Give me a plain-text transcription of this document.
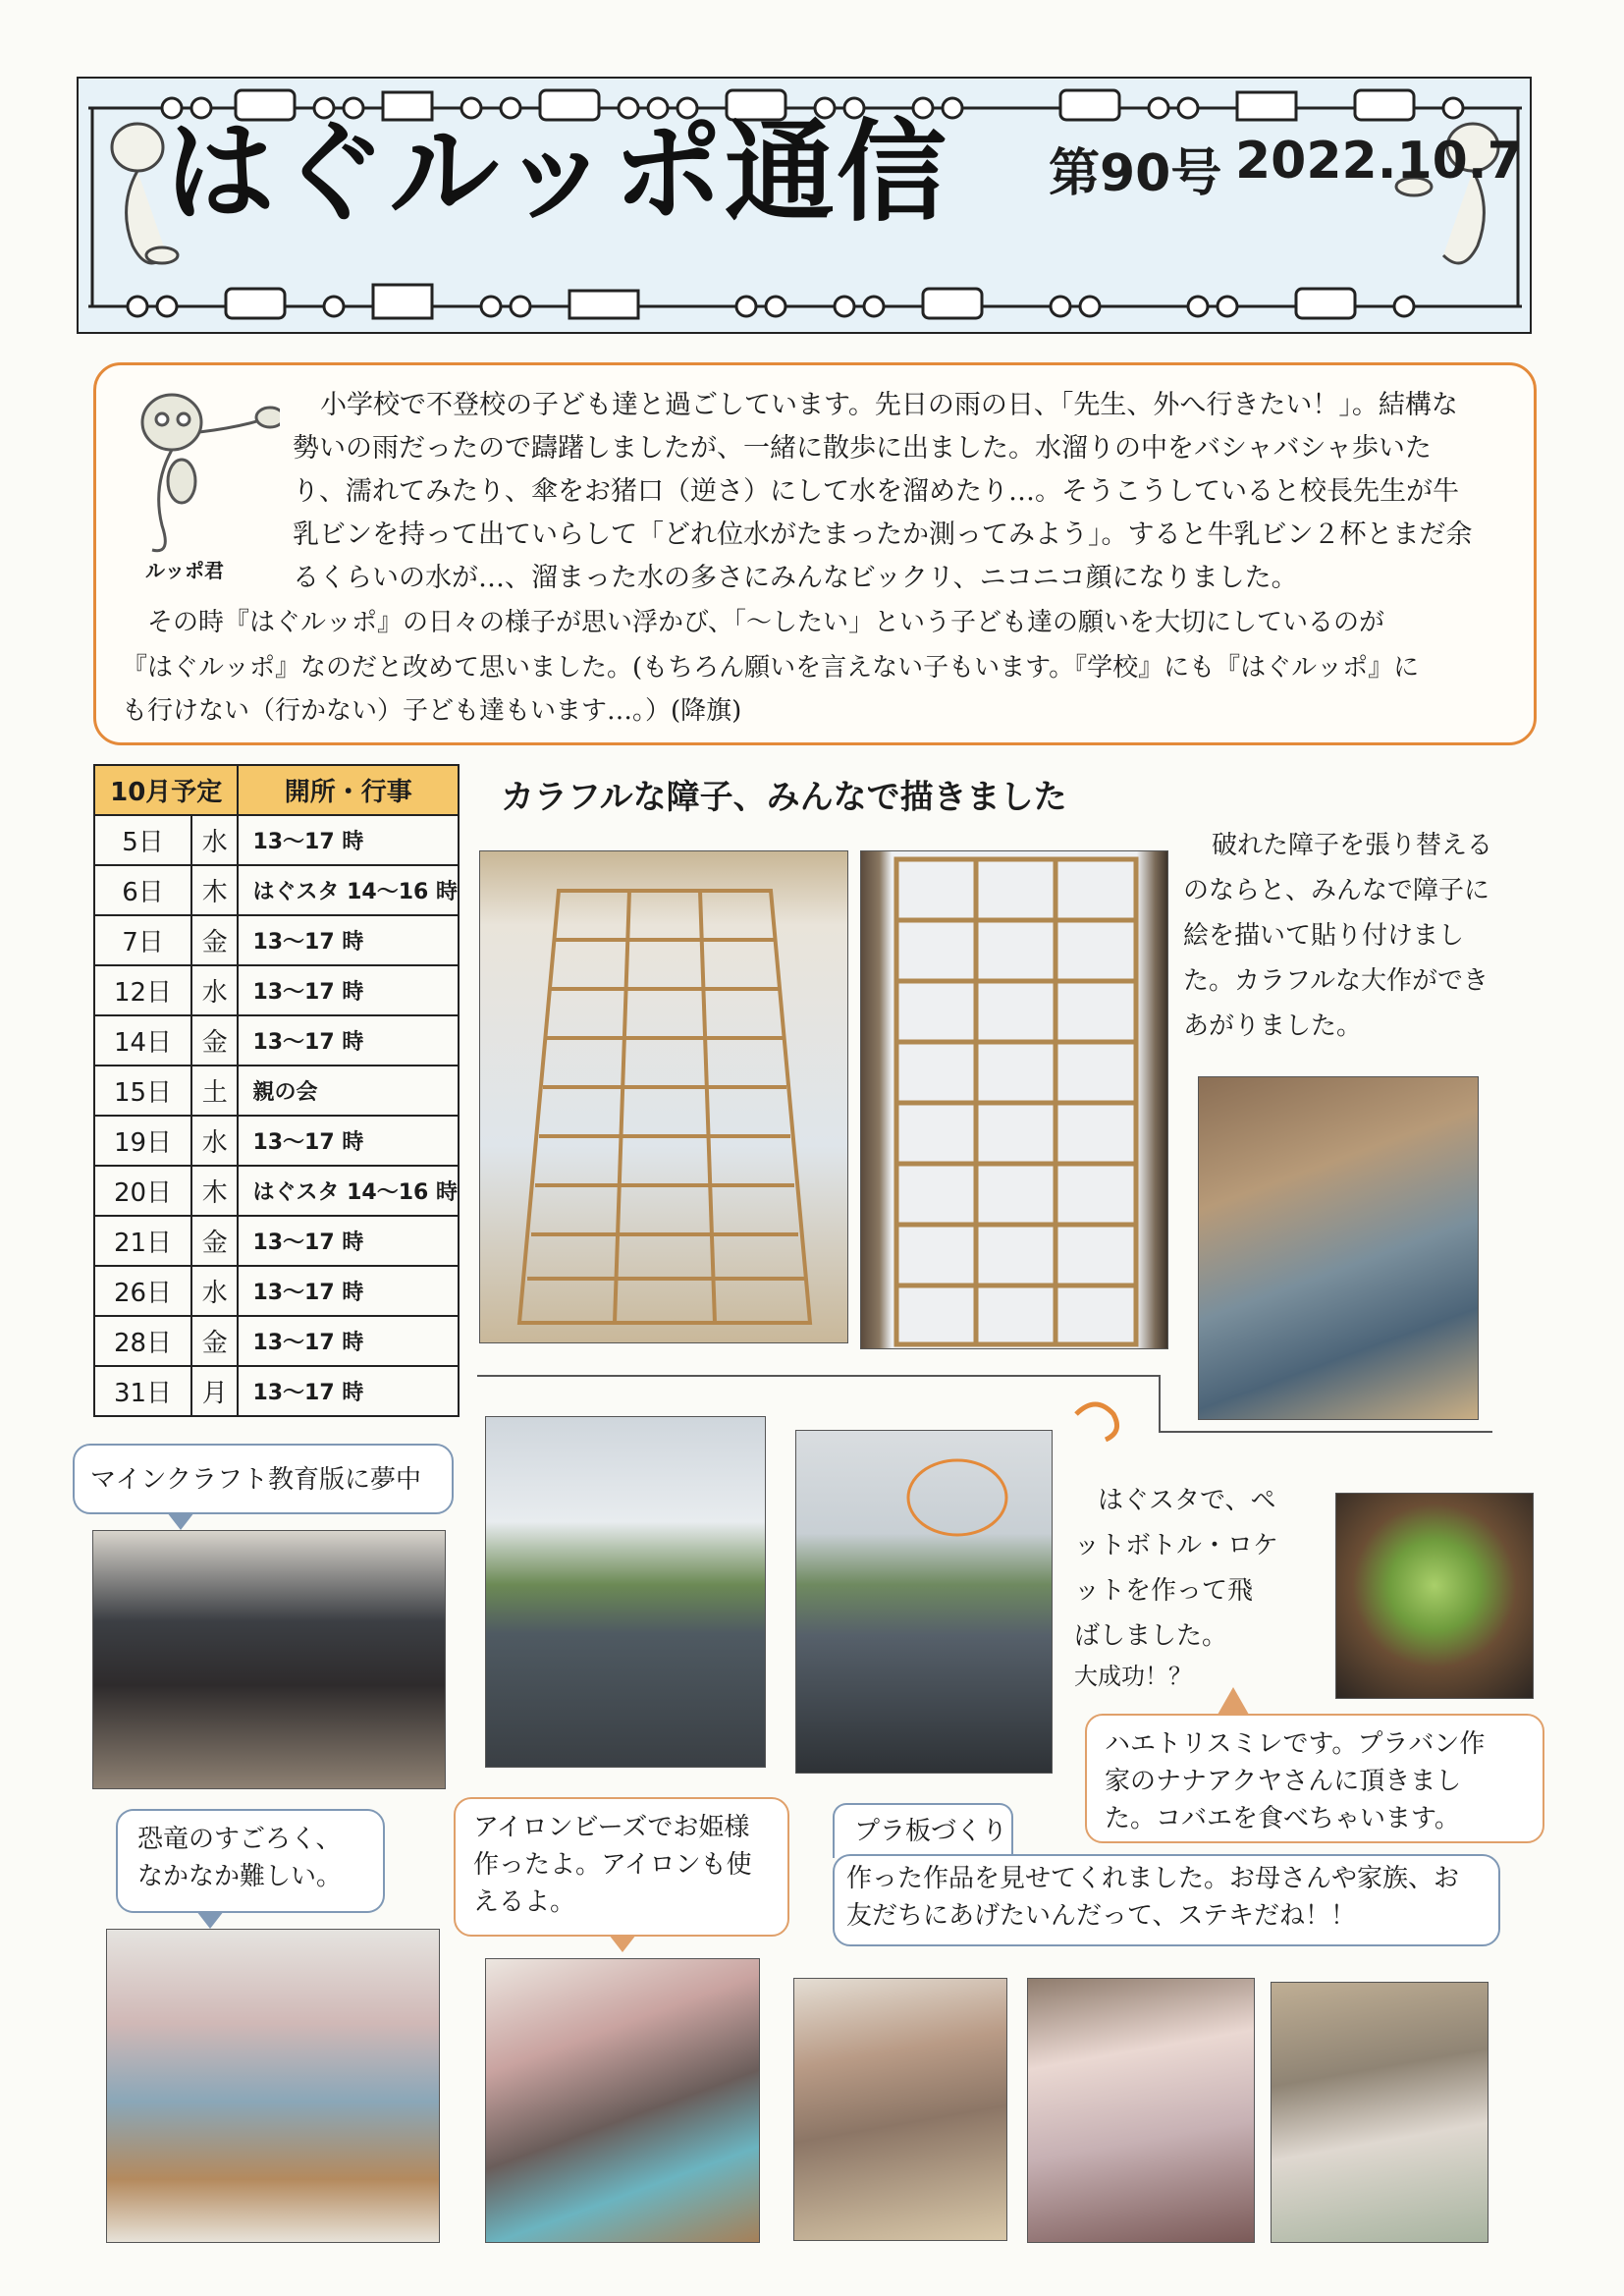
はぐルッポ通信	第90号 2022.10.7
ルッポ君
小学校で不登校の子ども達と過ごしています。先日の雨の日、「先生、外へ行きたい！」。結構な
勢いの雨だったので躊躇しましたが、一緒に散歩に出ました。水溜りの中をバシャバシャ歩いた
り、濡れてみたり、傘をお猪口（逆さ）にして水を溜めたり…。そうこうしていると校長先生が牛
乳ビンを持って出ていらして「どれ位水がたまったか測ってみよう」。すると牛乳ビン２杯とまだ余
るくらいの水が…、溜まった水の多さにみんなビックリ、ニコニコ顔になりました。
その時『はぐルッポ』の日々の様子が思い浮かび、「～したい」という子ども達の願いを大切にしているのが
『はぐルッポ』なのだと改めて思いました。(もちろん願いを言えない子もいます。『学校』にも『はぐルッポ』に
も行けない（行かない）子ども達もいます…。）(降旗)
10月予定		開所・行事
5日	水	13～17 時
6日	木	はぐスタ 14～16 時
7日	金	13～17 時
12日	水	13～17 時
14日	金	13～17 時
15日	土	親の会
19日	水	13～17 時
20日	木	はぐスタ 14～16 時
21日	金	13～17 時
26日	水	13～17 時
28日	金	13～17 時
31日	月	13～17 時
カラフルな障子、みんなで描きました
破れた障子を張り替える
のならと、みんなで障子に
絵を描いて貼り付けまし
た。カラフルな大作ができ
あがりました。
マインクラフト教育版に夢中
はぐスタで、ペ
ットボトル・ロケ
ットを作って飛
ばしました。
大成功！？
ハエトリスミレです。プラバン作
家のナナアクヤさんに頂きまし
た。コバエを食べちゃいます。
恐竜のすごろく、
なかなか難しい。
アイロンビーズでお姫様
作ったよ。アイロンも使
えるよ。
プラ板づくり
作った作品を見せてくれました。お母さんや家族、お
友だちにあげたいんだって、ステキだね！！
